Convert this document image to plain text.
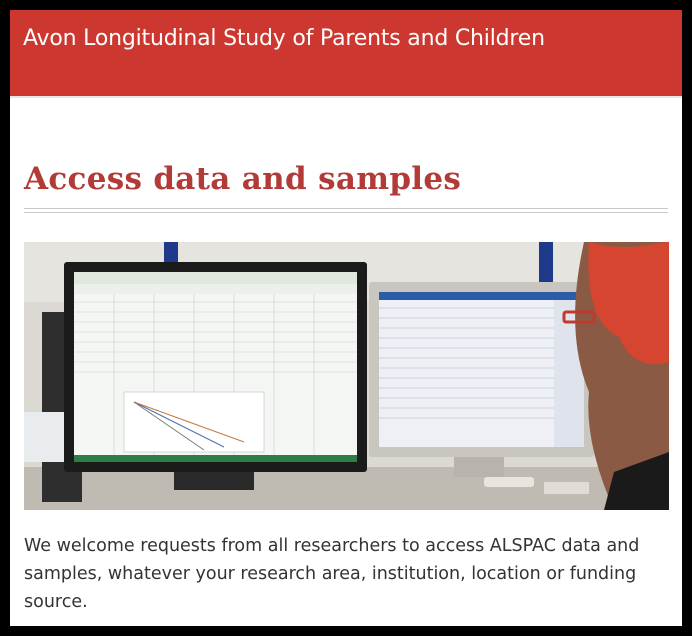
Avon Longitudinal Study of Parents and Children
Access data and samples

We welcome requests from all researchers to access ALSPAC data and samples, whatever your research area, institution, location or funding source.
